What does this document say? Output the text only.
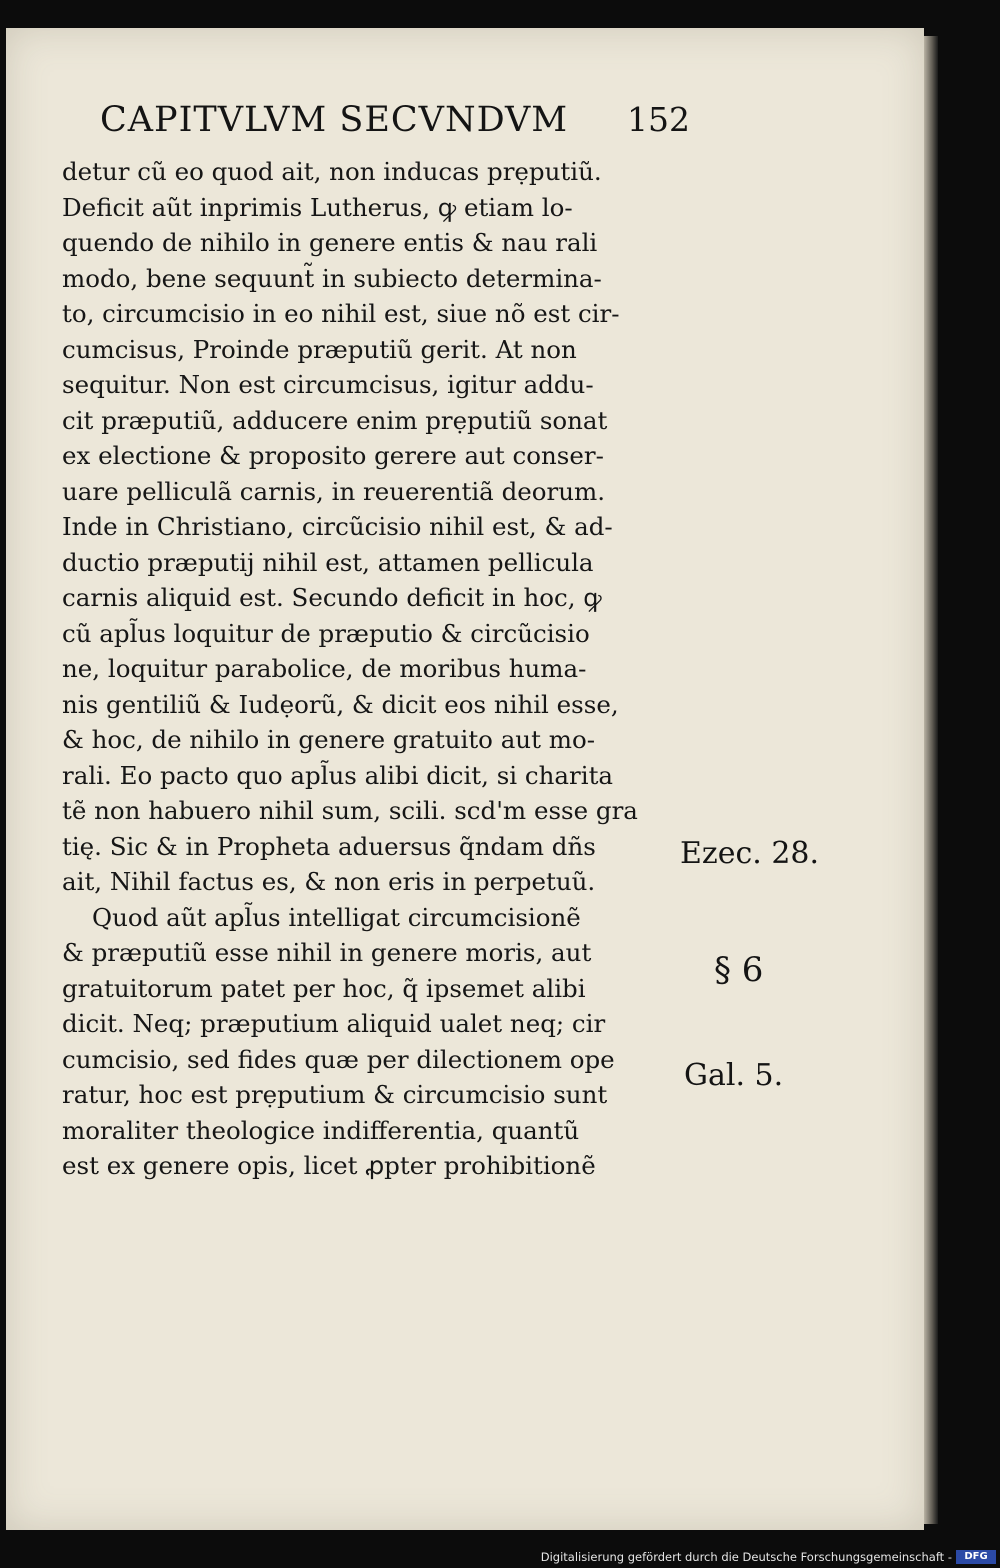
CAPITVLVM SECVNDVM 152
detur cũ eo quod ait, non inducas prẹputiũ.
Deficit aũt inprimis Lutherus, ꝙ etiam lo-
quendo de nihilo in genere entis & nau rali
modo, bene sequunt̃ in subiecto determina-
to, circumcisio in eo nihil est, siue nõ est cir-
cumcisus, Proinde præputiũ gerit. At non
sequitur. Non est circumcisus, igitur addu-
cit præputiũ, adducere enim prẹputiũ sonat
ex electione & proposito gerere aut conser-
uare pelliculã carnis, in reuerentiã deorum.
Inde in Christiano, circũcisio nihil est, & ad-
ductio præputij nihil est, attamen pellicula
carnis aliquid est. Secundo deficit in hoc, ꝙ
cũ apl̃us loquitur de præputio & circũcisio
ne, loquitur parabolice, de moribus huma-
nis gentiliũ & Iudẹorũ, & dicit eos nihil esse,
& hoc, de nihilo in genere gratuito aut mo-
rali. Eo pacto quo apl̃us alibi dicit, si charita
tẽ non habuero nihil sum, scili. scd'm esse gra
tię. Sic & in Propheta aduersus q̃ndam dñs
ait, Nihil factus es, & non eris in perpetuũ.
Quod aũt apl̃us intelligat circumcisionẽ
& præputiũ esse nihil in genere moris, aut
gratuitorum patet per hoc, q̃ ipsemet alibi
dicit. Neq; præputium aliquid ualet neq; cir
cumcisio, sed fides quæ per dilectionem ope
ratur, hoc est prẹputium & circumcisio sunt
moraliter theologice indifferentia, quantũ
est ex genere opis, licet ꝓpter prohibitionẽ
Ezec. 28.
§ 6
Gal. 5.
Digitalisierung gefördert durch die Deutsche Forschungsgemeinschaft -	DFG
